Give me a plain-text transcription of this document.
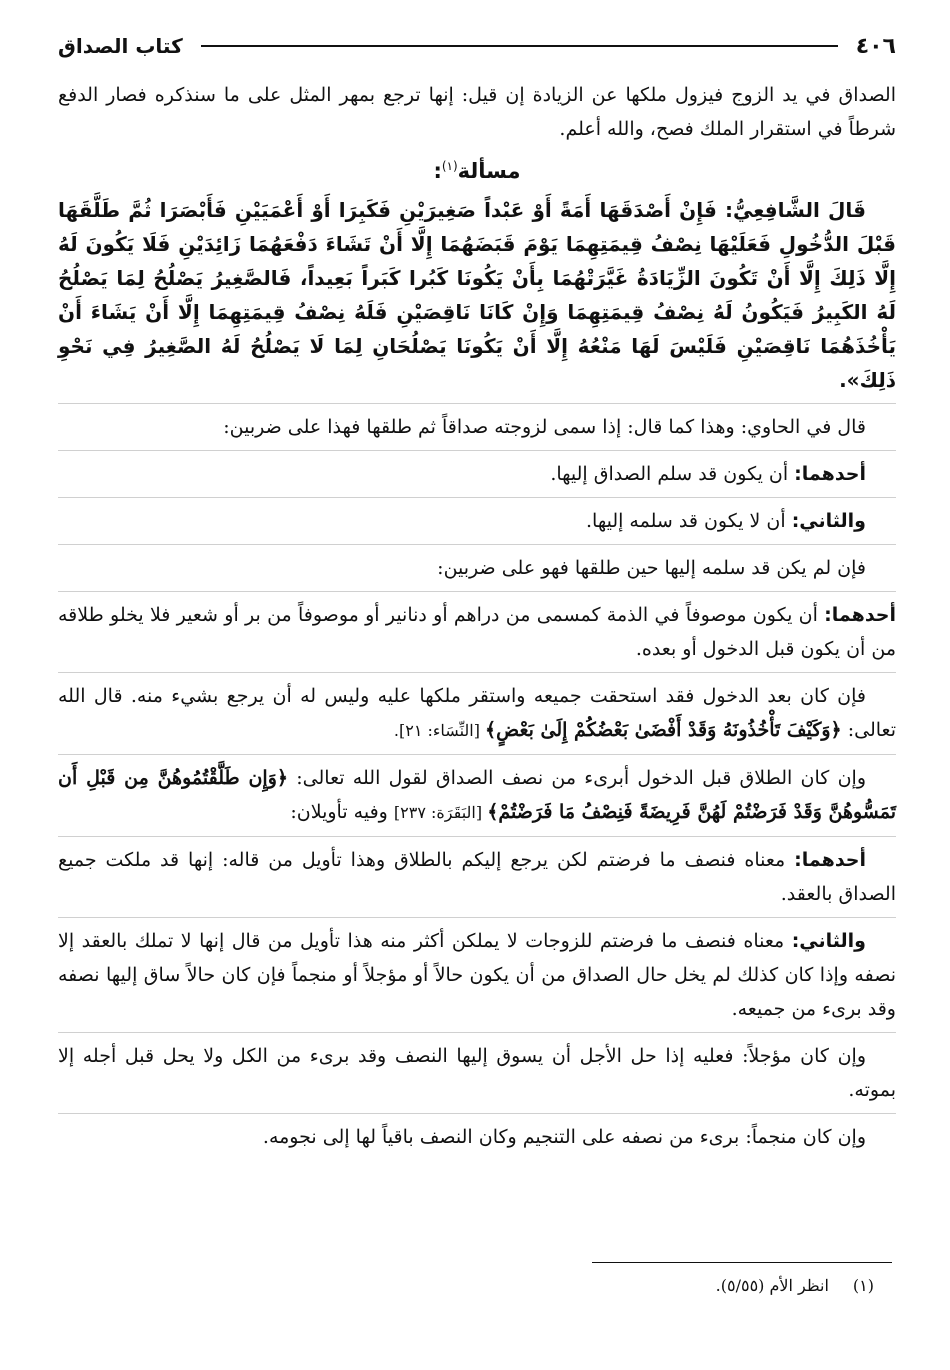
٤٠٦
كتاب الصداق

الصداق في يد الزوج فيزول ملكها عن الزيادة إن قيل: إنها ترجع بمهر المثل على ما سنذكره فصار الدفع شرطاً في استقرار الملك فصح، والله أعلم.

مسألة$^{(١)}$:

قَالَ الشَّافِعِيُّ: فَإِنْ أَصْدَقَهَا أَمَةً أَوْ عَبْداً صَغِيرَيْنِ فَكَبِرَا أَوْ أَعْمَيَيْنِ فَأَبْصَرَا ثُمَّ طَلَّقَهَا قَبْلَ الدُّخُولِ فَعَلَيْهَا نِصْفُ قِيمَتِهِمَا يَوْمَ قَبَضَهُمَا إِلَّا أَنْ تَشَاءَ دَفْعَهُمَا زَائِدَيْنِ فَلَا يَكُونَ لَهُ إِلَّا ذَلِكَ إِلَّا أَنْ تَكُونَ الزِّيَادَةُ غَيَّرَتْهُمَا بِأَنْ يَكُونَا كَبُرا كَبَراً بَعِيداً، فَالصَّغِيرُ يَصْلُحُ لِمَا يَصْلُحُ لَهُ الكَبِيرُ فَيَكُونُ لَهُ نِصْفُ قِيمَتِهِمَا وَإِنْ كَانَا نَاقِصَيْنِ فَلَهُ نِصْفُ قِيمَتِهِمَا إِلَّا أَنْ يَشَاءَ أَنْ يَأْخُذَهُمَا نَاقِصَيْنِ فَلَيْسَ لَهَا مَنْعُهُ إِلَّا أَنْ يَكُونَا يَصْلُحَانِ لِمَا لَا يَصْلُحُ لَهُ الصَّغِيرُ فِي نَحْوِ ذَلِكَ».

قال في الحاوي: وهذا كما قال: إذا سمى لزوجته صداقاً ثم طلقها فهذا على ضربين:

أحدهما: أن يكون قد سلم الصداق إليها.

والثاني: أن لا يكون قد سلمه إليها.

فإن لم يكن قد سلمه إليها حين طلقها فهو على ضربين:

أحدهما: أن يكون موصوفاً في الذمة كمسمى من دراهم أو دنانير أو موصوفاً من بر أو شعير فلا يخلو طلاقه من أن يكون قبل الدخول أو بعده.

فإن كان بعد الدخول فقد استحقت جميعه واستقر ملكها عليه وليس له أن يرجع بشيء منه. قال الله تعالى: ﴿وَكَيْفَ تَأْخُذُونَهُ وَقَدْ أَفْضَىٰ بَعْضُكُمْ إِلَىٰ بَعْضٍ﴾ [النِّسَاء: ٢١].

وإن كان الطلاق قبل الدخول أبرىء من نصف الصداق لقول الله تعالى: ﴿وَإِن طَلَّقْتُمُوهُنَّ مِن قَبْلِ أَن تَمَسُّوهُنَّ وَقَدْ فَرَضْتُمْ لَهُنَّ فَرِيضَةً فَنِصْفُ مَا فَرَضْتُمْ﴾ [البَقَرَة: ٢٣٧] وفيه تأويلان:

أحدهما: معناه فنصف ما فرضتم لكن يرجع إليكم بالطلاق وهذا تأويل من قاله: إنها قد ملكت جميع الصداق بالعقد.

والثاني: معناه فنصف ما فرضتم للزوجات لا يملكن أكثر منه هذا تأويل من قال إنها لا تملك بالعقد إلا نصفه وإذا كان كذلك لم يخل حال الصداق من أن يكون حالاً أو مؤجلاً أو منجماً فإن كان حالاً ساق إليها نصفه وقد برىء من جميعه.

وإن كان مؤجلاً: فعليه إذا حل الأجل أن يسوق إليها النصف وقد برىء من الكل ولا يحل قبل أجله إلا بموته.

وإن كان منجماً: برىء من نصفه على التنجيم وكان النصف باقياً لها إلى نجومه.

(١)انظر الأم (٥/٥٥).
